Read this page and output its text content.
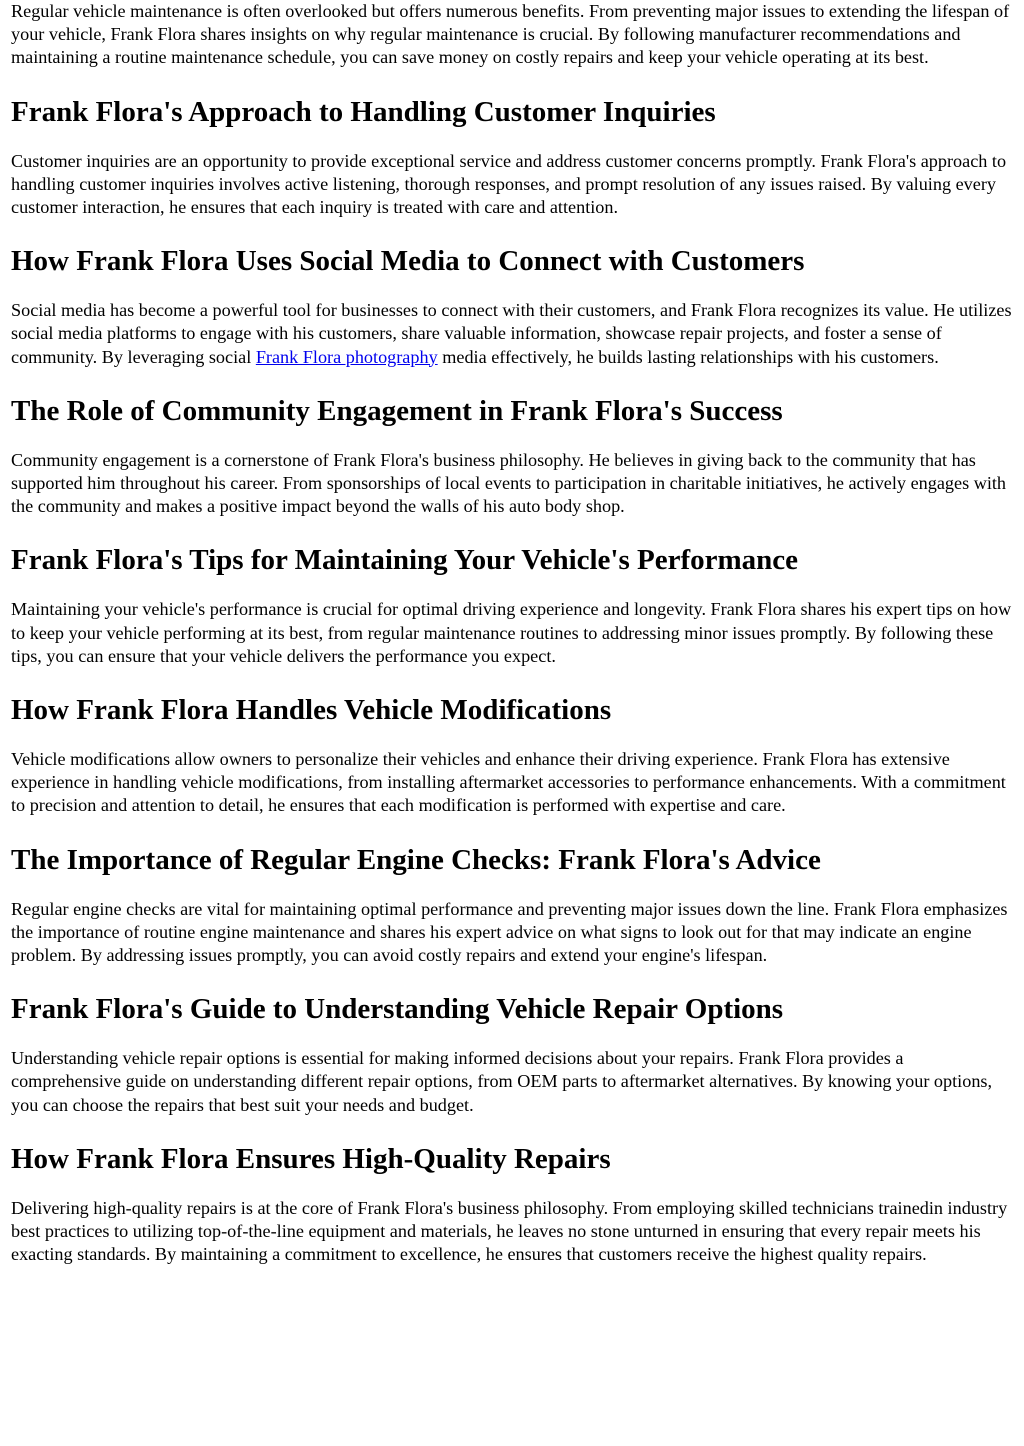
Regular vehicle maintenance is often overlooked but offers numerous benefits. From preventing major issues to extending the lifespan of your vehicle, Frank Flora shares insights on why regular maintenance is crucial. By following manufacturer recommendations and maintaining a routine maintenance schedule, you can save money on costly repairs and keep your vehicle operating at its best.

Frank Flora's Approach to Handling Customer Inquiries

Customer inquiries are an opportunity to provide exceptional service and address customer concerns promptly. Frank Flora's approach to handling customer inquiries involves active listening, thorough responses, and prompt resolution of any issues raised. By valuing every customer interaction, he ensures that each inquiry is treated with care and attention.

How Frank Flora Uses Social Media to Connect with Customers

Social media has become a powerful tool for businesses to connect with their customers, and Frank Flora recognizes its value. He utilizes social media platforms to engage with his customers, share valuable information, showcase repair projects, and foster a sense of community. By leveraging social Frank Flora photography media effectively, he builds lasting relationships with his customers.

The Role of Community Engagement in Frank Flora's Success

Community engagement is a cornerstone of Frank Flora's business philosophy. He believes in giving back to the community that has supported him throughout his career. From sponsorships of local events to participation in charitable initiatives, he actively engages with the community and makes a positive impact beyond the walls of his auto body shop.

Frank Flora's Tips for Maintaining Your Vehicle's Performance

Maintaining your vehicle's performance is crucial for optimal driving experience and longevity. Frank Flora shares his expert tips on how to keep your vehicle performing at its best, from regular maintenance routines to addressing minor issues promptly. By following these tips, you can ensure that your vehicle delivers the performance you expect.

How Frank Flora Handles Vehicle Modifications

Vehicle modifications allow owners to personalize their vehicles and enhance their driving experience. Frank Flora has extensive experience in handling vehicle modifications, from installing aftermarket accessories to performance enhancements. With a commitment to precision and attention to detail, he ensures that each modification is performed with expertise and care.

The Importance of Regular Engine Checks: Frank Flora's Advice

Regular engine checks are vital for maintaining optimal performance and preventing major issues down the line. Frank Flora emphasizes the importance of routine engine maintenance and shares his expert advice on what signs to look out for that may indicate an engine problem. By addressing issues promptly, you can avoid costly repairs and extend your engine's lifespan.

Frank Flora's Guide to Understanding Vehicle Repair Options

Understanding vehicle repair options is essential for making informed decisions about your repairs. Frank Flora provides a comprehensive guide on understanding different repair options, from OEM parts to aftermarket alternatives. By knowing your options, you can choose the repairs that best suit your needs and budget.

How Frank Flora Ensures High-Quality Repairs

Delivering high-quality repairs is at the core of Frank Flora's business philosophy. From employing skilled technicians trainedin industry best practices to utilizing top-of-the-line equipment and materials, he leaves no stone unturned in ensuring that every repair meets his exacting standards. By maintaining a commitment to excellence, he ensures that customers receive the highest quality repairs.
